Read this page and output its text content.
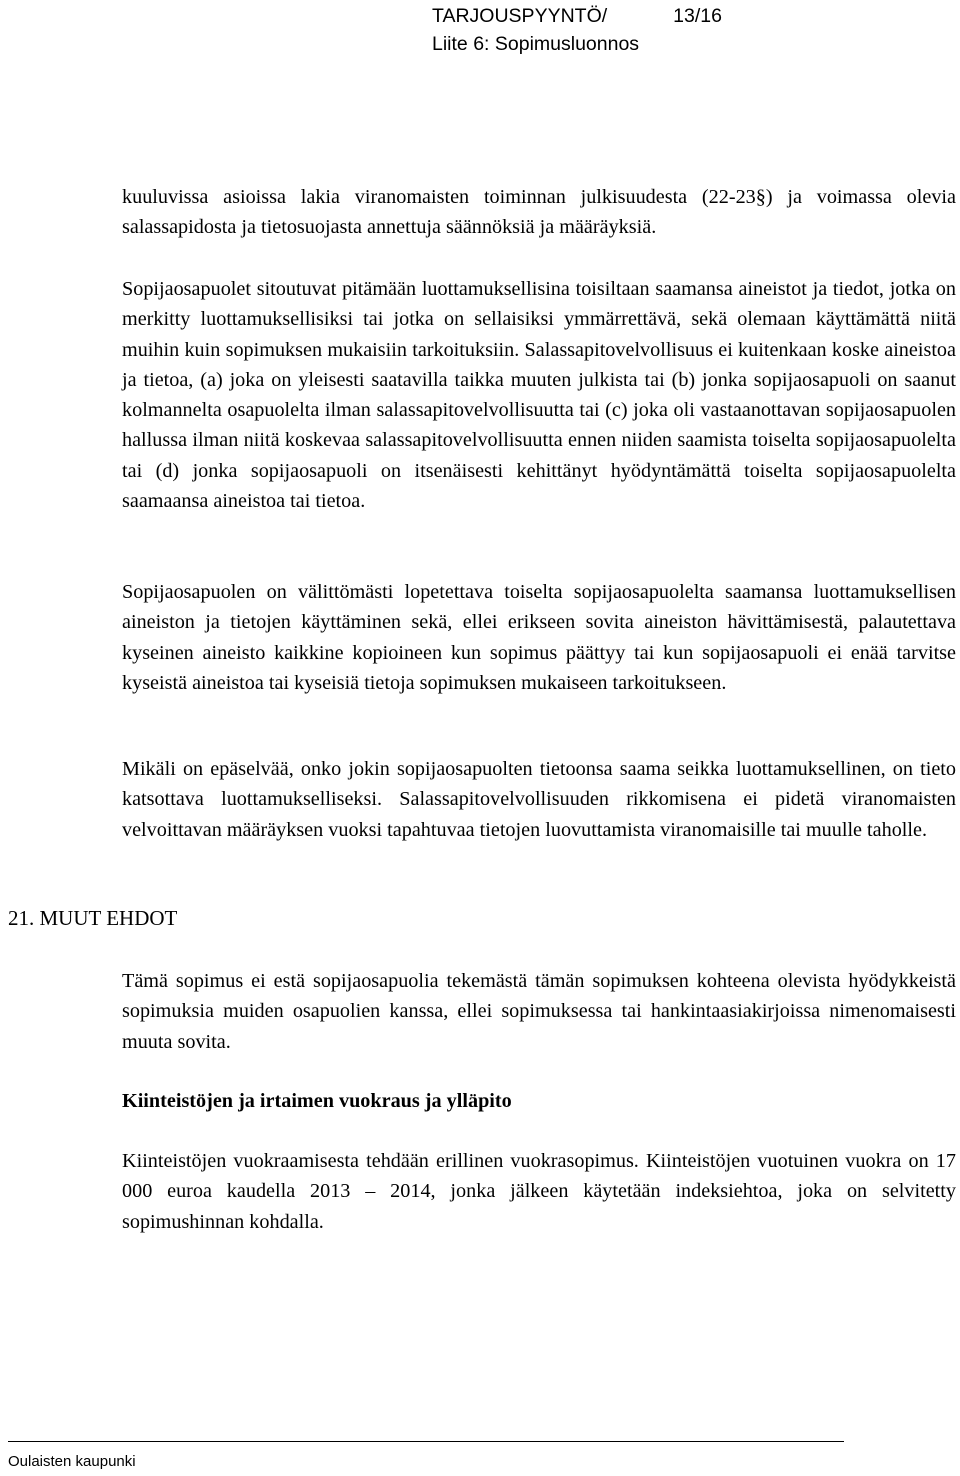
TARJOUSPYYNTÖ/	13/16
Liite 6: Sopimusluonnos

kuuluvissa asioissa lakia viranomaisten toiminnan julkisuudesta (22-23§) ja voimassa olevia salassapidosta ja tietosuojasta annettuja säännöksiä ja määräyksiä.

Sopijaosapuolet sitoutuvat pitämään luottamuksellisina toisiltaan saamansa aineistot ja tiedot, jotka on merkitty luottamuksellisiksi tai jotka on sellaisiksi ymmärrettävä, sekä olemaan käyttämättä niitä muihin kuin sopimuksen mukaisiin tarkoituksiin. Salassapitovelvollisuus ei kuitenkaan koske aineistoa ja tietoa, (a) joka on yleisesti saatavilla taikka muuten julkista tai (b) jonka sopijaosapuoli on saanut kolmannelta osapuolelta ilman salassapitovelvollisuutta tai (c) joka oli vastaanottavan sopijaosapuolen hallussa ilman niitä koskevaa salassapitovelvollisuutta ennen niiden saamista toiselta sopijaosapuolelta tai (d) jonka sopijaosapuoli on itsenäisesti kehittänyt hyödyntämättä toiselta sopijaosapuolelta saamaansa aineistoa tai tietoa.

Sopijaosapuolen on välittömästi lopetettava toiselta sopijaosapuolelta saamansa luottamuksellisen aineiston ja tietojen käyttäminen sekä, ellei erikseen sovita aineiston hävittämisestä, palautettava kyseinen aineisto kaikkine kopioineen kun sopimus päättyy tai kun sopijaosapuoli ei enää tarvitse kyseistä aineistoa tai kyseisiä tietoja sopimuksen mukaiseen tarkoitukseen.

Mikäli on epäselvää, onko jokin sopijaosapuolten tietoonsa saama seikka luottamuksellinen, on tieto katsottava luottamukselliseksi. Salassapitovelvollisuuden rikkomisena ei pidetä viranomaisten velvoittavan määräyksen vuoksi tapahtuvaa tietojen luovuttamista viranomaisille tai muulle taholle.

21. MUUT EHDOT

Tämä sopimus ei estä sopijaosapuolia tekemästä tämän sopimuksen kohteena olevista hyödykkeistä sopimuksia muiden osapuolien kanssa, ellei sopimuksessa tai hankintaasiakirjoissa nimenomaisesti muuta sovita.

Kiinteistöjen ja irtaimen vuokraus ja ylläpito

Kiinteistöjen vuokraamisesta tehdään erillinen vuokrasopimus. Kiinteistöjen vuotuinen vuokra on 17 000 euroa kaudella 2013 – 2014, jonka jälkeen käytetään indeksiehtoa, joka on selvitetty sopimushinnan kohdalla.

Oulaisten kaupunki
